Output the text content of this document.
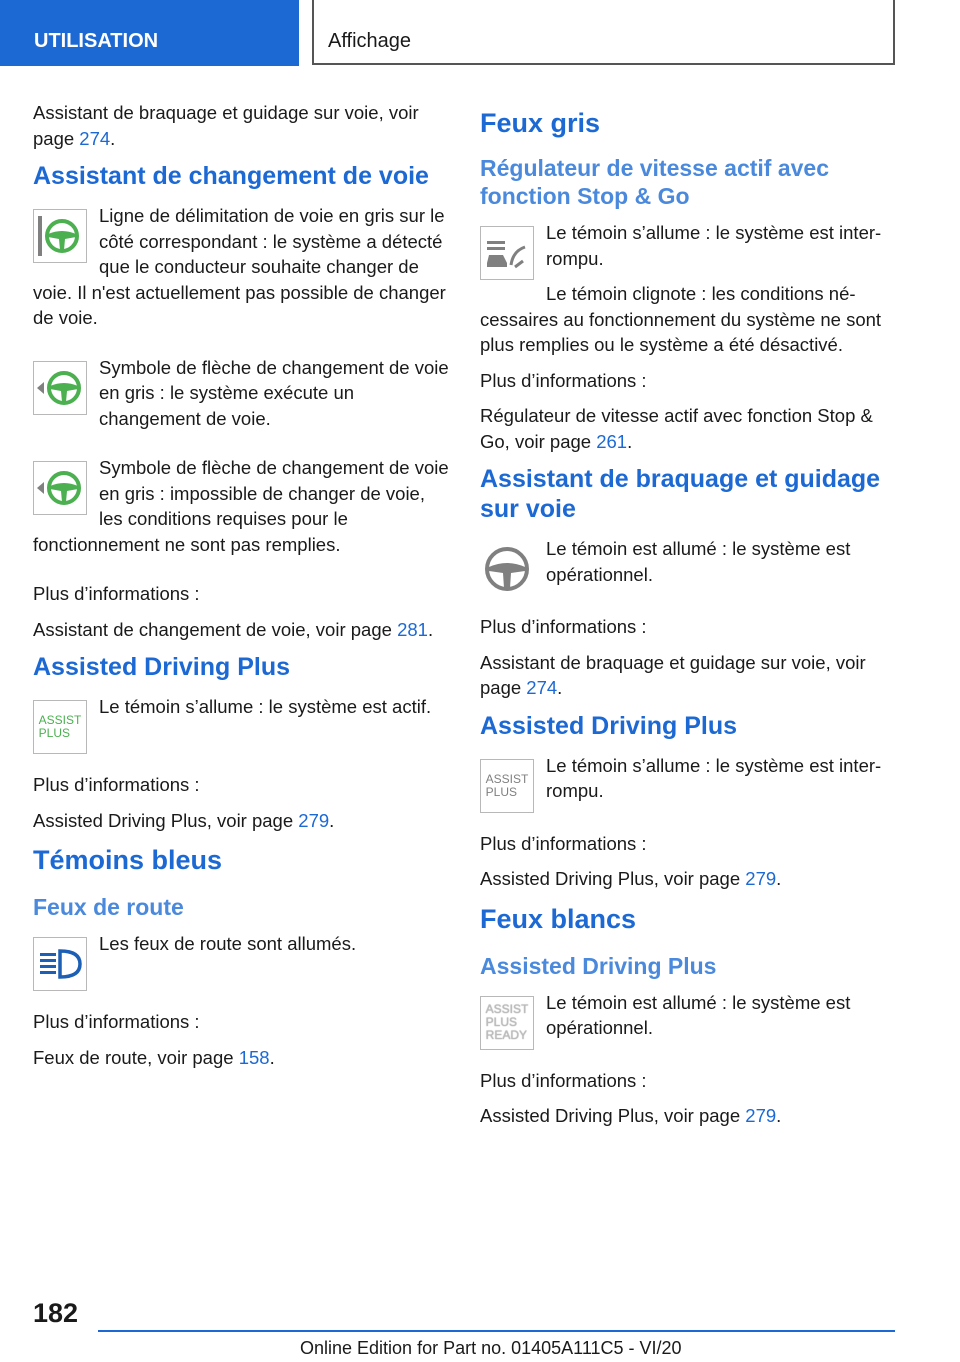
UTILISATION	Affichage

Assistant de braquage et guidage sur voie, voir page 274.

Assistant de changement de voie

Ligne de délimitation de voie en gris sur le côté correspondant : le système a détecté que le conducteur souhaite changer de voie. Il n'est actuellement pas possible de changer de voie.

Symbole de flèche de changement de voie en gris : le système exécute un changement de voie.

Symbole de flèche de changement de voie en gris : impossible de changer de voie, les conditions requises pour le fonctionnement ne sont pas remplies.

Plus d’informations :

Assistant de changement de voie, voir page 281.

Assisted Driving Plus
ASSIST
PLUS

Le témoin s’allume : le système est actif.

Plus d’informations :

Assisted Driving Plus, voir page 279.

Témoins bleus
Feux de route

Les feux de route sont allumés.

Plus d’informations :

Feux de route, voir page 158.

Feux gris
Régulateur de vitesse actif avec fonction Stop & Go

Le témoin s’allume : le système est interrompu.

Le témoin clignote : les conditions nécessaires au fonctionnement du système ne sont plus remplies ou le système a été désactivé.

Plus d’informations :

Régulateur de vitesse actif avec fonction Stop & Go, voir page 261.

Assistant de braquage et guidage sur voie

Le témoin est allumé : le système est opérationnel.

Plus d’informations :

Assistant de braquage et guidage sur voie, voir page 274.

Assisted Driving Plus
ASSIST
PLUS

Le témoin s’allume : le système est interrompu.

Plus d’informations :

Assisted Driving Plus, voir page 279.

Feux blancs
Assisted Driving Plus
ASSIST
PLUS
READY

Le témoin est allumé : le système est opérationnel.

Plus d’informations :

Assisted Driving Plus, voir page 279.

182
Online Edition for Part no. 01405A111C5 - VI/20
